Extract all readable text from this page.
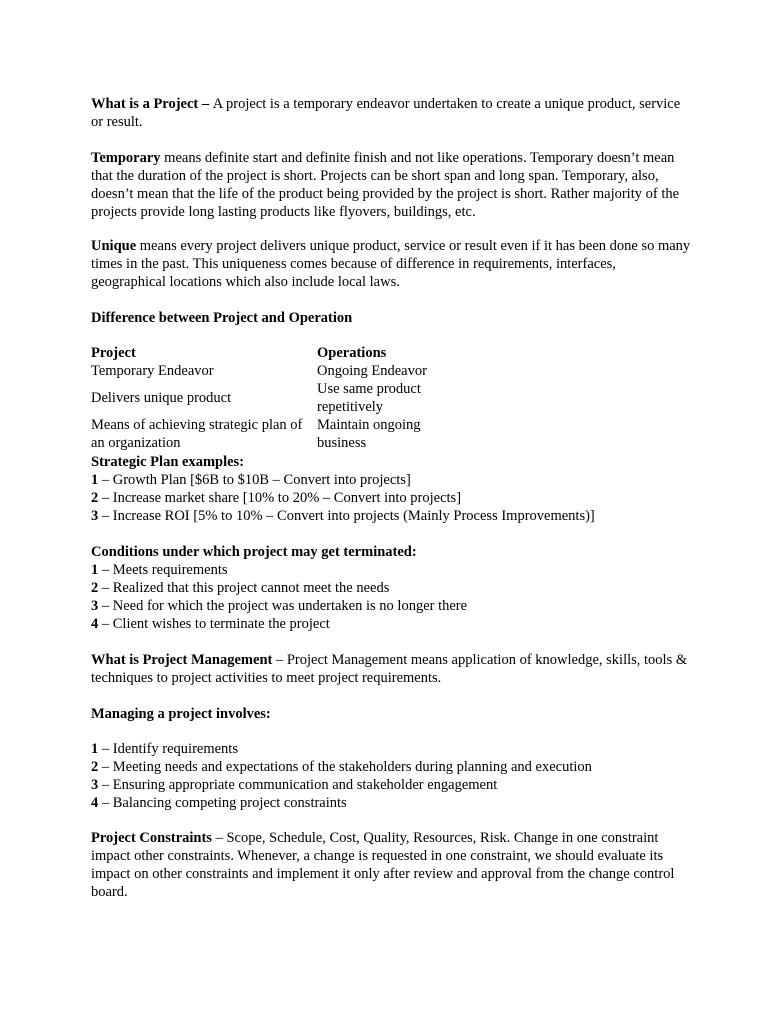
What is a Project – A project is a temporary endeavor undertaken to create a unique product, service or result.

Temporary means definite start and definite finish and not like operations. Temporary doesn’t mean that the duration of the project is short. Projects can be short span and long span. Temporary, also, doesn’t mean that the life of the product being provided by the project is short. Rather majority of the projects provide long lasting products like flyovers, buildings, etc.

Unique means every project delivers unique product, service or result even if it has been done so many times in the past. This uniqueness comes because of difference in requirements, interfaces, geographical locations which also include local laws.

Difference between Project and Operation

Project	Operations
Temporary Endeavor	Ongoing Endeavor
Delivers unique product	Use same product repetitively
Means of achieving strategic plan of an organization	Maintain ongoing business

Strategic Plan examples:

1 – Growth Plan [$6B to $10B – Convert into projects]

2 – Increase market share [10% to 20% – Convert into projects]

3 – Increase ROI [5% to 10% – Convert into projects (Mainly Process Improvements)]

Conditions under which project may get terminated:

1 – Meets requirements

2 – Realized that this project cannot meet the needs

3 – Need for which the project was undertaken is no longer there

4 – Client wishes to terminate the project

What is Project Management – Project Management means application of knowledge, skills, tools & techniques to project activities to meet project requirements.

Managing a project involves:

1 – Identify requirements

2 – Meeting needs and expectations of the stakeholders during planning and execution

3 – Ensuring appropriate communication and stakeholder engagement

4 – Balancing competing project constraints

Project Constraints – Scope, Schedule, Cost, Quality, Resources, Risk. Change in one constraint impact other constraints. Whenever, a change is requested in one constraint, we should evaluate its impact on other constraints and implement it only after review and approval from the change control board.
